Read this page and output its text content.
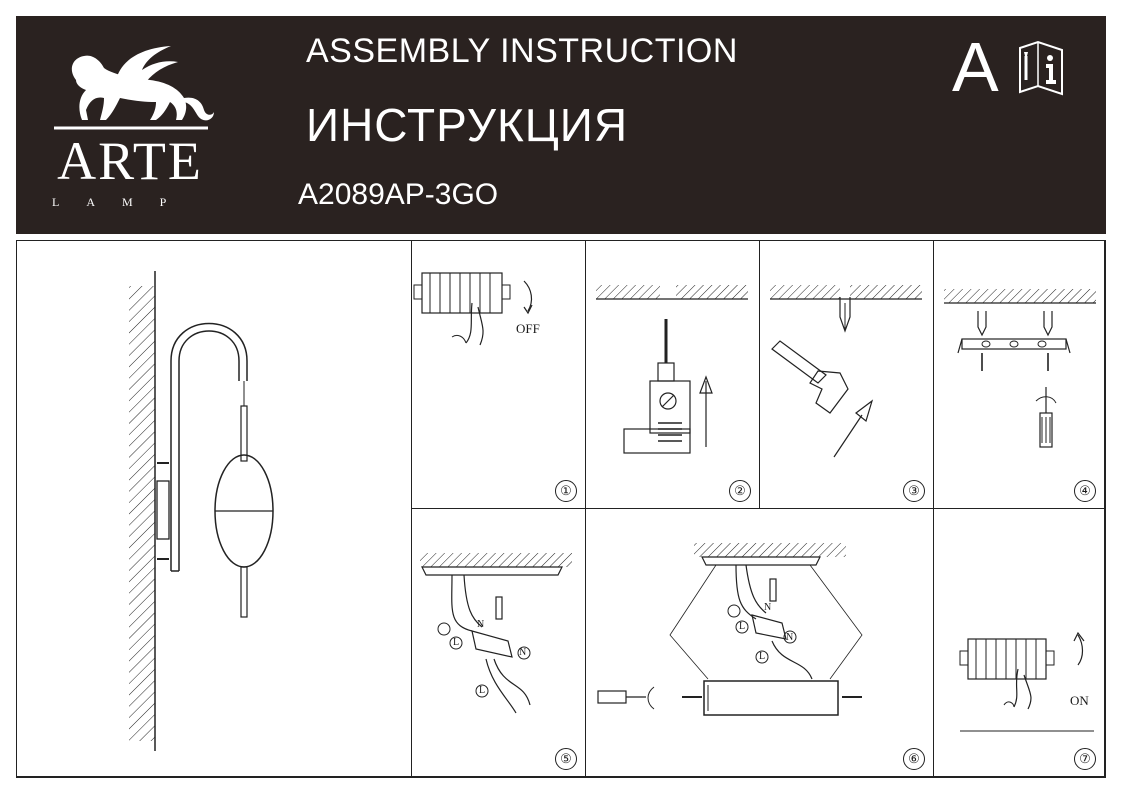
ARTE
LAMP
ASSEMBLY INSTRUCTION
ИНСТРУКЦИЯ
A2089AP-3GO
A
OFF
①	②	③	④
N
N
L
L
⑤
N
N
L
L
⑥
ON
⑦
